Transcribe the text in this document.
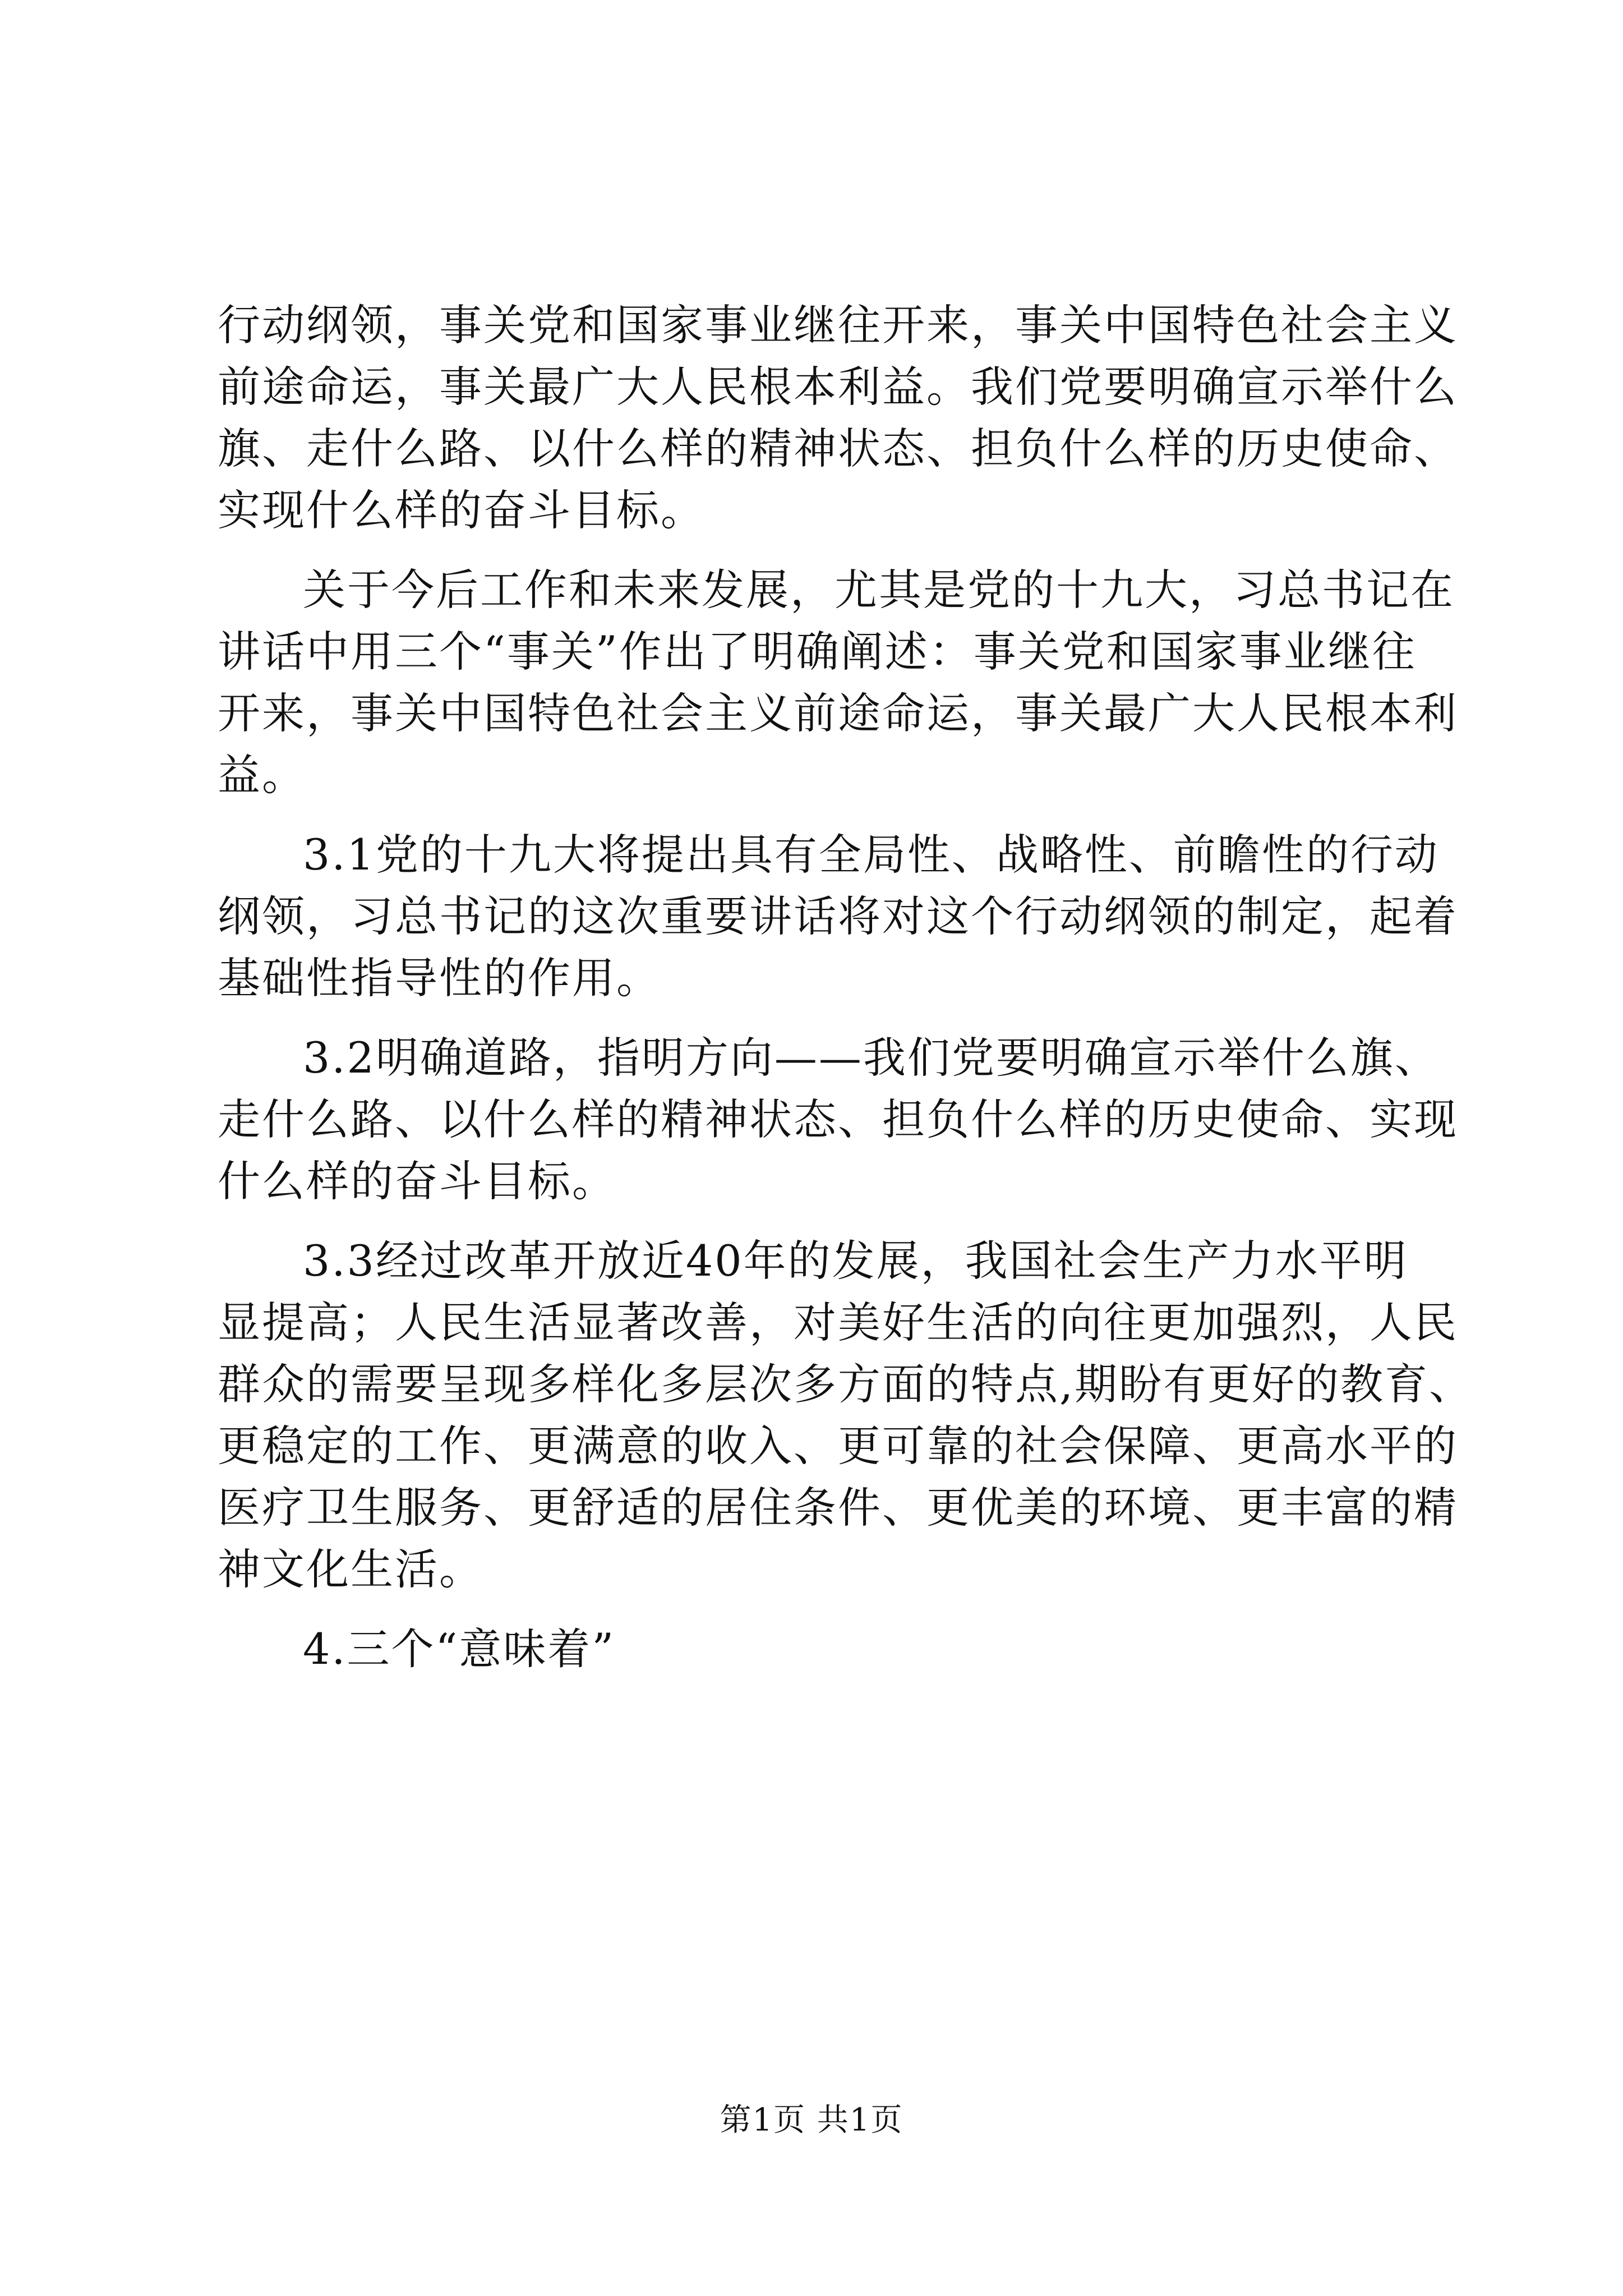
行动纲领，事关党和国家事业继往开来，事关中国特色社会主义
前途命运，事关最广大人民根本利益。我们党要明确宣示举什么
旗、走什么路、以什么样的精神状态、担负什么样的历史使命、
实现什么样的奋斗目标。
关于今后工作和未来发展，尤其是党的十九大，习总书记在
讲话中用三个“事关”作出了明确阐述：事关党和国家事业继往
开来，事关中国特色社会主义前途命运，事关最广大人民根本利
益。
3.1党的十九大将提出具有全局性、战略性、前瞻性的行动
纲领，习总书记的这次重要讲话将对这个行动纲领的制定，起着
基础性指导性的作用。
3.2明确道路，指明方向——我们党要明确宣示举什么旗、
走什么路、以什么样的精神状态、担负什么样的历史使命、实现
什么样的奋斗目标。
3.3经过改革开放近40年的发展，我国社会生产力水平明
显提高；人民生活显著改善，对美好生活的向往更加强烈，人民
群众的需要呈现多样化多层次多方面的特点,期盼有更好的教育、
更稳定的工作、更满意的收入、更可靠的社会保障、更高水平的
医疗卫生服务、更舒适的居住条件、更优美的环境、更丰富的精
神文化生活。
4.三个“意味着”
第1页 共1页
